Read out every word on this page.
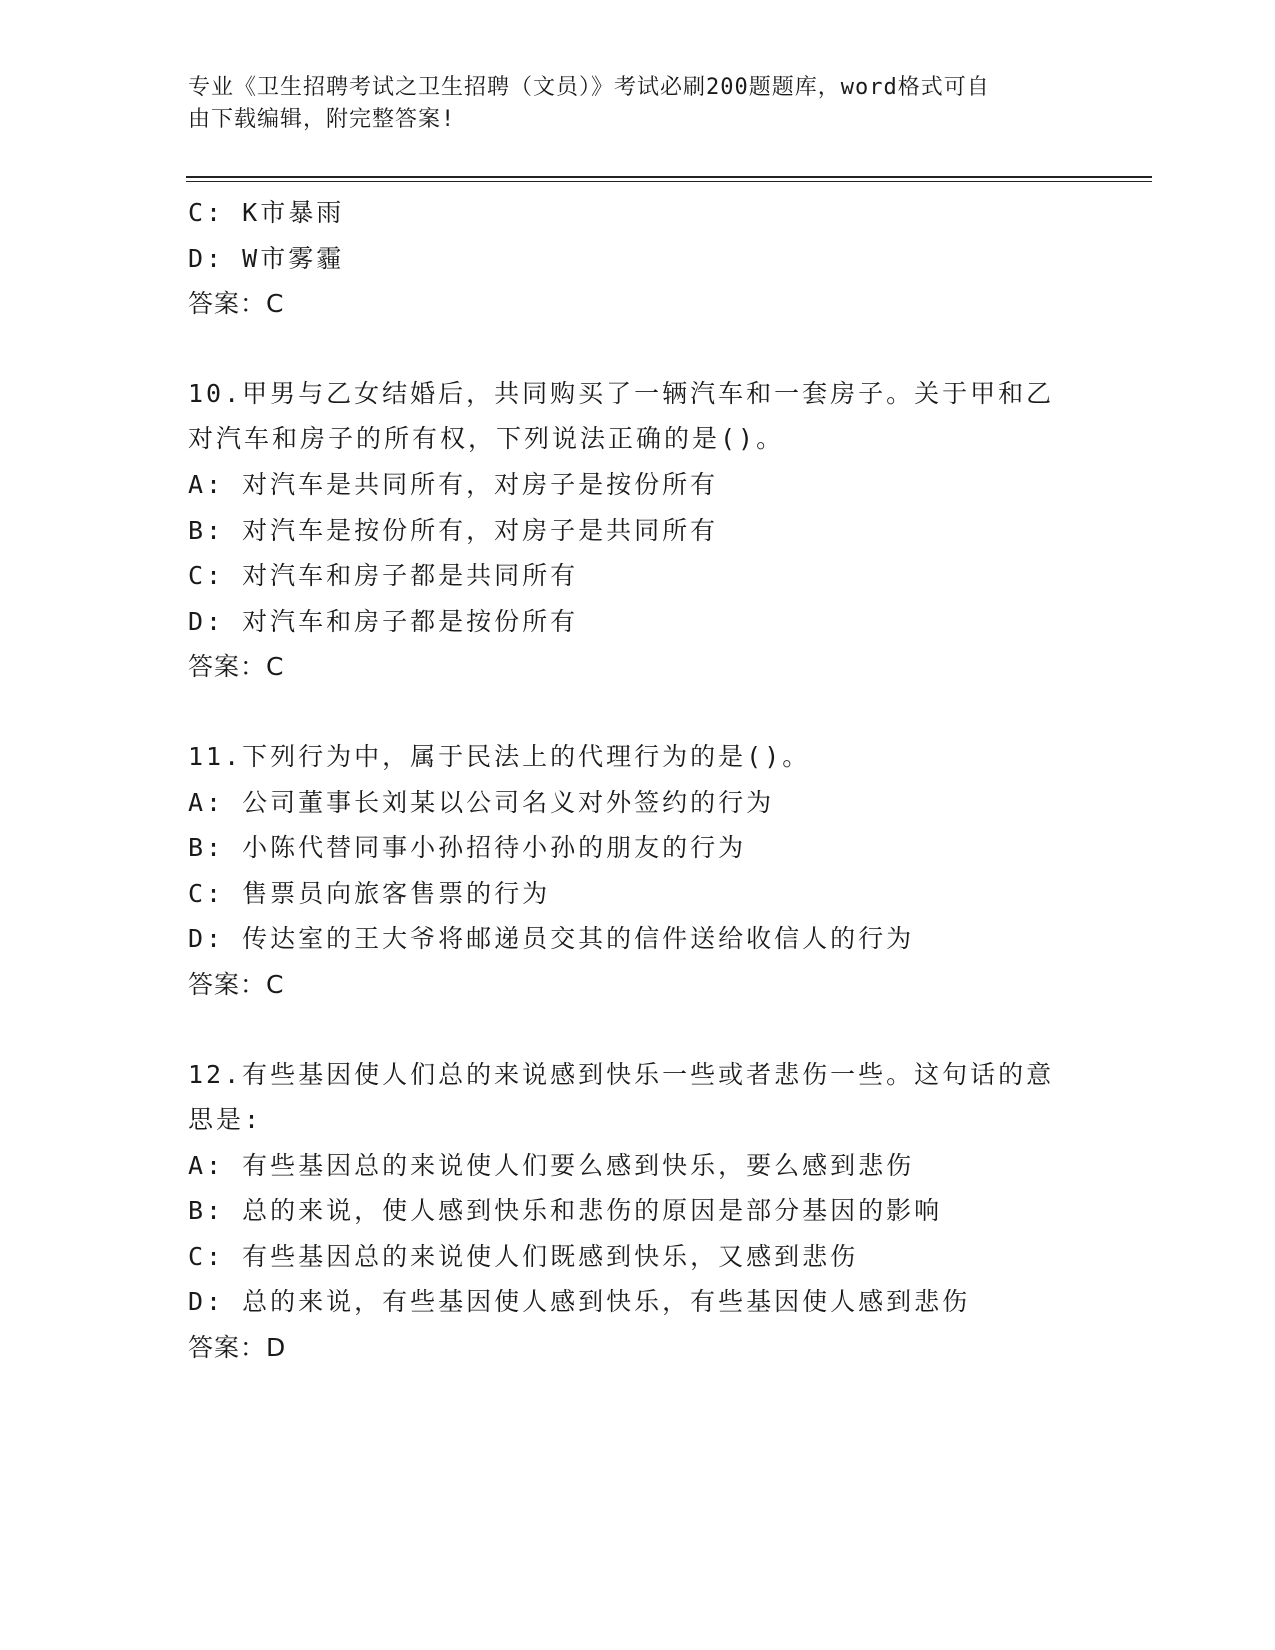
专业《卫生招聘考试之卫生招聘（文员）》考试必刷200题题库，word格式可自
由下载编辑，附完整答案!
C: K市暴雨
D: W市雾霾
答案：C
10.甲男与乙女结婚后，共同购买了一辆汽车和一套房子。关于甲和乙
对汽车和房子的所有权，下列说法正确的是()。
A: 对汽车是共同所有，对房子是按份所有
B: 对汽车是按份所有，对房子是共同所有
C: 对汽车和房子都是共同所有
D: 对汽车和房子都是按份所有
答案：C
11.下列行为中，属于民法上的代理行为的是()。
A: 公司董事长刘某以公司名义对外签约的行为
B: 小陈代替同事小孙招待小孙的朋友的行为
C: 售票员向旅客售票的行为
D: 传达室的王大爷将邮递员交其的信件送给收信人的行为
答案：C
12.有些基因使人们总的来说感到快乐一些或者悲伤一些。这句话的意
思是:
A: 有些基因总的来说使人们要么感到快乐，要么感到悲伤
B: 总的来说，使人感到快乐和悲伤的原因是部分基因的影响
C: 有些基因总的来说使人们既感到快乐，又感到悲伤
D: 总的来说，有些基因使人感到快乐，有些基因使人感到悲伤
答案：D
